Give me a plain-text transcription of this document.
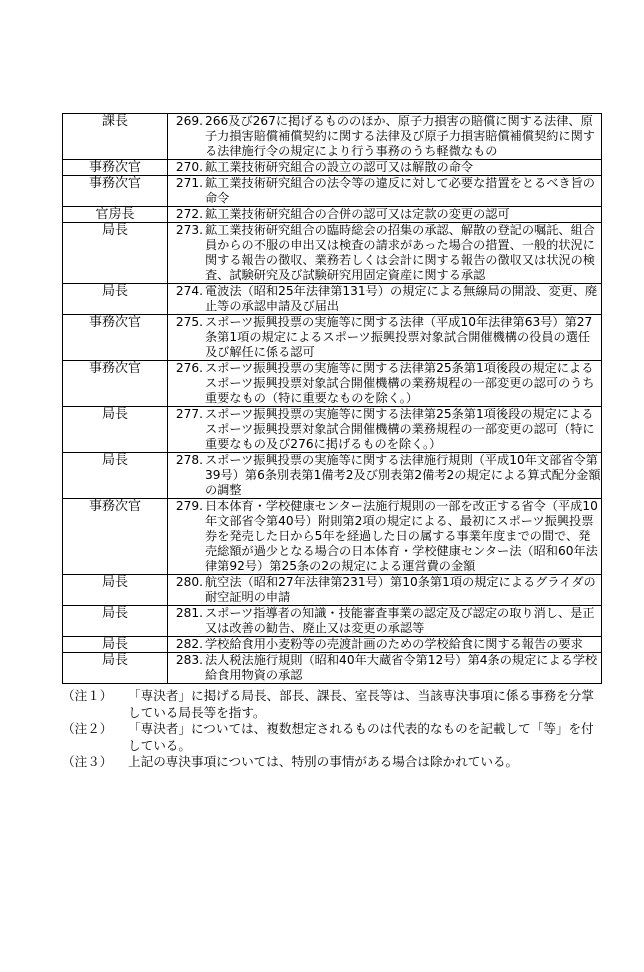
課長	269. 266及び267に掲げるもののほか、原子力損害の賠償に関する法律、原子力損害賠償補償契約に関する法律及び原子力損害賠償補償契約に関する法律施行令の規定により行う事務のうち軽微なもの

事務次官	270. 鉱工業技術研究組合の設立の認可又は解散の命令

事務次官	271. 鉱工業技術研究組合の法令等の違反に対して必要な措置をとるべき旨の命令

官房長	272. 鉱工業技術研究組合の合併の認可又は定款の変更の認可

局長	273. 鉱工業技術研究組合の臨時総会の招集の承認、解散の登記の嘱託、組合員からの不服の申出又は検査の請求があった場合の措置、一般的状況に関する報告の徴収、業務若しくは会計に関する報告の徴収又は状況の検査、試験研究及び試験研究用固定資産に関する承認

局長	274. 電波法（昭和25年法律第131号）の規定による無線局の開設、変更、廃止等の承認申請及び届出

事務次官	275. スポーツ振興投票の実施等に関する法律（平成10年法律第63号）第27条第1項の規定によるスポーツ振興投票対象試合開催機構の役員の選任及び解任に係る認可

事務次官	276. スポーツ振興投票の実施等に関する法律第25条第1項後段の規定によるスポーツ振興投票対象試合開催機構の業務規程の一部変更の認可のうち重要なもの（特に重要なものを除く。）

局長	277. スポーツ振興投票の実施等に関する法律第25条第1項後段の規定によるスポーツ振興投票対象試合開催機構の業務規程の一部変更の認可（特に重要なもの及び276に掲げるものを除く。）

局長	278. スポーツ振興投票の実施等に関する法律施行規則（平成10年文部省令第39号）第6条別表第1備考2及び別表第2備考2の規定による算式配分金額の調整

事務次官	279. 日本体育・学校健康センター法施行規則の一部を改正する省令（平成10年文部省令第40号）附則第2項の規定による、最初にスポーツ振興投票券を発売した日から5年を経過した日の属する事業年度までの間で、発売総額が過少となる場合の日本体育・学校健康センター法（昭和60年法律第92号）第25条の2の規定による運営費の金額

局長	280. 航空法（昭和27年法律第231号）第10条第1項の規定によるグライダの耐空証明の申請

局長	281. スポーツ指導者の知識・技能審査事業の認定及び認定の取り消し、是正又は改善の勧告、廃止又は変更の承認等

局長	282. 学校給食用小麦粉等の売渡計画のための学校給食に関する報告の要求

局長	283. 法人税法施行規則（昭和40年大蔵省令第12号）第4条の規定による学校給食用物資の承認
（注１）	「専決者」に掲げる局長、部長、課長、室長等は、当該専決事項に係る事務を分掌している局長等を指す。
（注２）	「専決者」については、複数想定されるものは代表的なものを記載して「等」を付している。
（注３）	上記の専決事項については、特別の事情がある場合は除かれている。
